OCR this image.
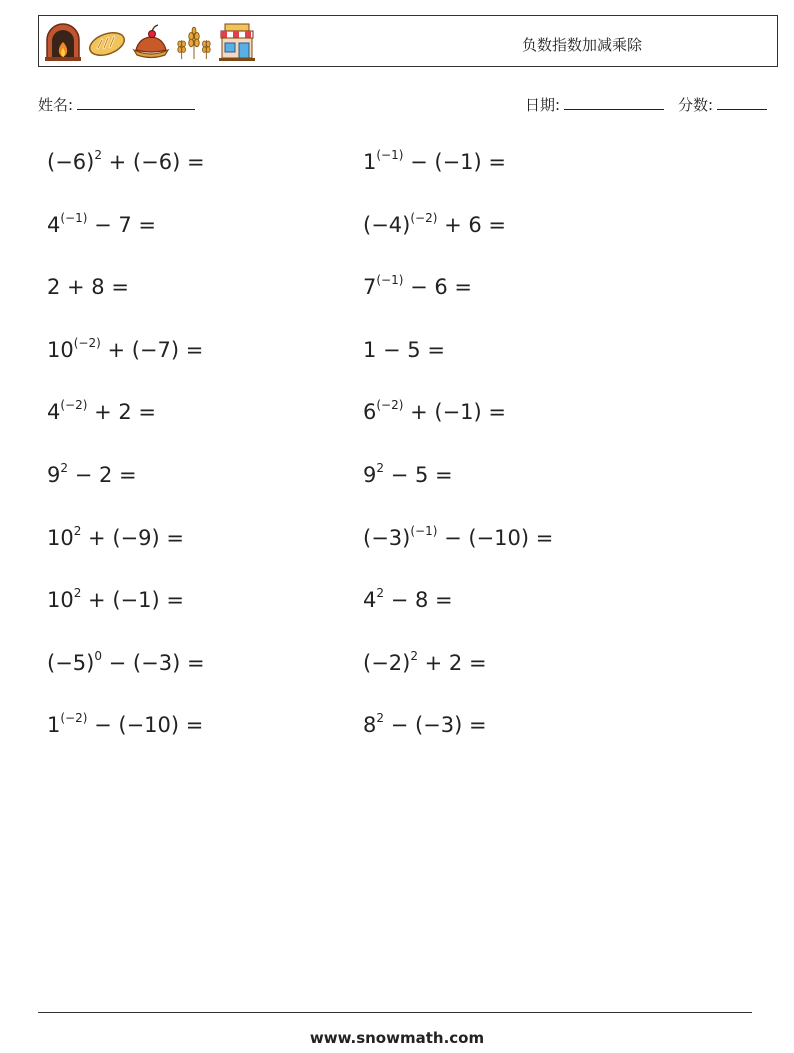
负数指数加减乘除
姓名:	日期:	分数:
$(-6)^2 + (-6)$ =	$1^{(-1)} - (-1)$ =
$4^{(-1)} - 7$ =	$(-4)^{(-2)} + 6$ =
2 + 8 =	$7^{(-1)} - 6$ =
$10^{(-2)} + (-7)$ =	1 − 5 =
$4^{(-2)} + 2$ =	$6^{(-2)} + (-1)$ =
$9^2 - 2$ =	$9^2 - 5$ =
$10^2 + (-9)$ =	$(-3)^{(-1)} - (-10)$ =
$10^2 + (-1)$ =	$4^2 - 8$ =
$(-5)^0 - (-3)$ =	$(-2)^2 + 2$ =
$1^{(-2)} - (-10)$ =	$8^2 - (-3)$ =
www.snowmath.com
